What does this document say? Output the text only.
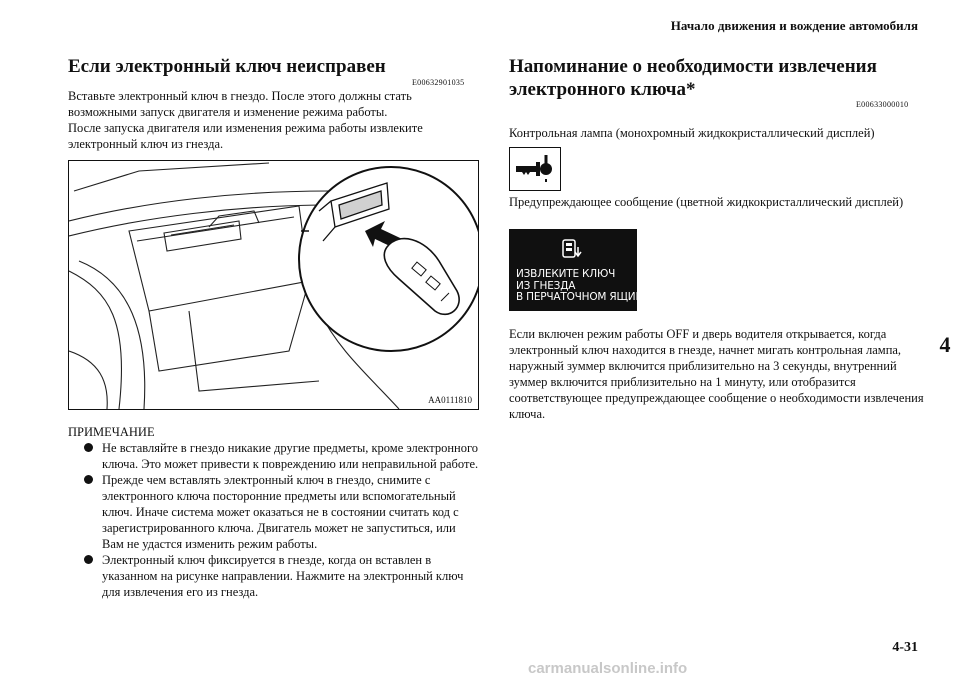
Начало движения и вождение автомобиля
4
4-31
Если электронный ключ неисправен
E00632901035

Вставьте электронный ключ в гнездо. После этого должны стать возможными запуск двигателя и изменение режима работы.

После запуска двигателя или изменения режима работы извлеките электронный ключ из гнезда.

AA0111810
ПРИМЕЧАНИЕ
Не вставляйте в гнездо никакие другие предметы, кроме электронного ключа. Это может привести к повреждению или неправильной работе.
Прежде чем вставлять электронный ключ в гнездо, снимите с электронного ключа посторонние предметы или вспомогательный ключ. Иначе система может оказаться не в состоянии считать код с зарегистрированного ключа. Двигатель может не запуститься, или Вам не удастся изменить режим работы.
Электронный ключ фиксируется в гнезде, когда он вставлен в указанном на рисунке направлении. Нажмите на электронный ключ для извлечения его из гнезда.
Напоминание о необходимости извлечения
электронного ключа*
E00633000010
Контрольная лампа (монохромный жидкокристаллический дисплей)
Предупреждающее сообщение (цветной жидкокристаллический дисплей)
ИЗВЛЕКИТЕ КЛЮЧ
ИЗ ГНЕЗДА
В ПЕРЧАТОЧНОМ ЯЩИКЕ
Если включен режим работы OFF и дверь водителя открывается, когда электронный ключ находится в гнезде, начнет мигать контрольная лампа, наружный зуммер включится приблизительно на 3 секунды, внутренний зуммер включится приблизительно на 1 минуту, или отобразится соответствующее предупреждающее сообщение о необходимости извлечения ключа.
carmanualsonline.info
